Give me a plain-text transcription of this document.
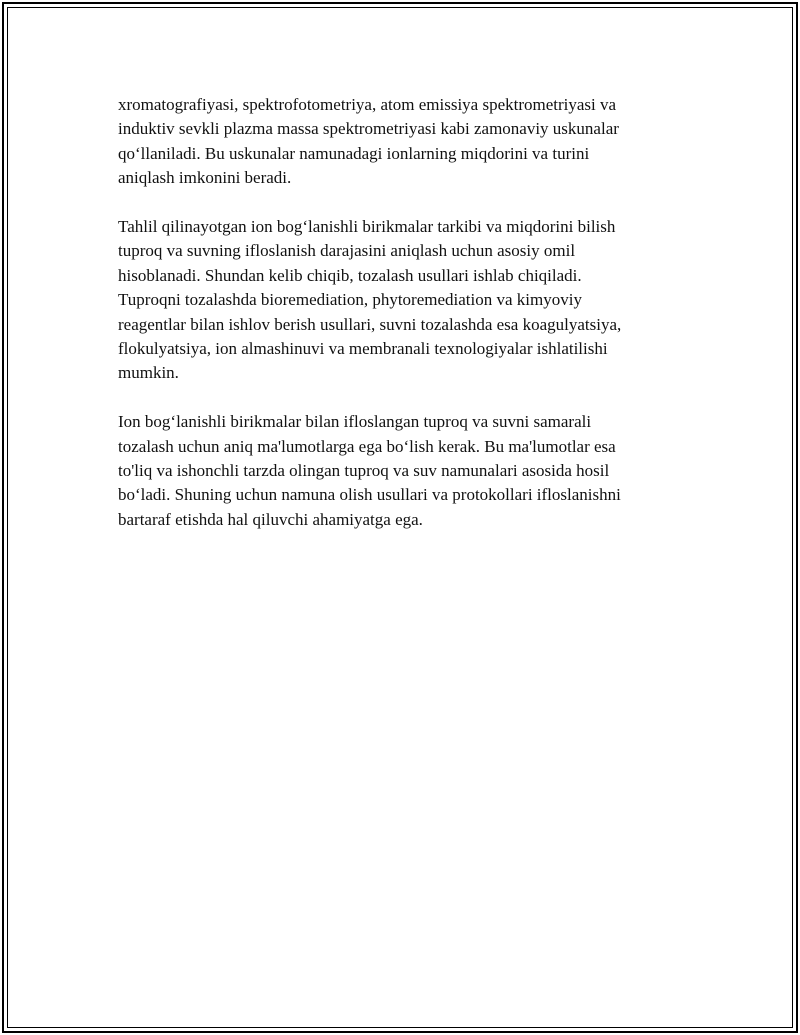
xromatografiyasi, spektrofotometriya, atom emissiya spektrometriyasi va
induktiv sevkli plazma massa spektrometriyasi kabi zamonaviy uskunalar
qo‘llaniladi. Bu uskunalar namunadagi ionlarning miqdorini va turini
aniqlash imkonini beradi.

Tahlil qilinayotgan ion bog‘lanishli birikmalar tarkibi va miqdorini bilish
tuproq va suvning ifloslanish darajasini aniqlash uchun asosiy omil
hisoblanadi. Shundan kelib chiqib, tozalash usullari ishlab chiqiladi.
Tuproqni tozalashda bioremediation, phytoremediation va kimyoviy
reagentlar bilan ishlov berish usullari, suvni tozalashda esa koagulyatsiya,
flokulyatsiya, ion almashinuvi va membranali texnologiyalar ishlatilishi
mumkin.

Ion bog‘lanishli birikmalar bilan ifloslangan tuproq va suvni samarali
tozalash uchun aniq ma'lumotlarga ega bo‘lish kerak. Bu ma'lumotlar esa
to'liq va ishonchli tarzda olingan tuproq va suv namunalari asosida hosil
bo‘ladi. Shuning uchun namuna olish usullari va protokollari ifloslanishni
bartaraf etishda hal qiluvchi ahamiyatga ega.
